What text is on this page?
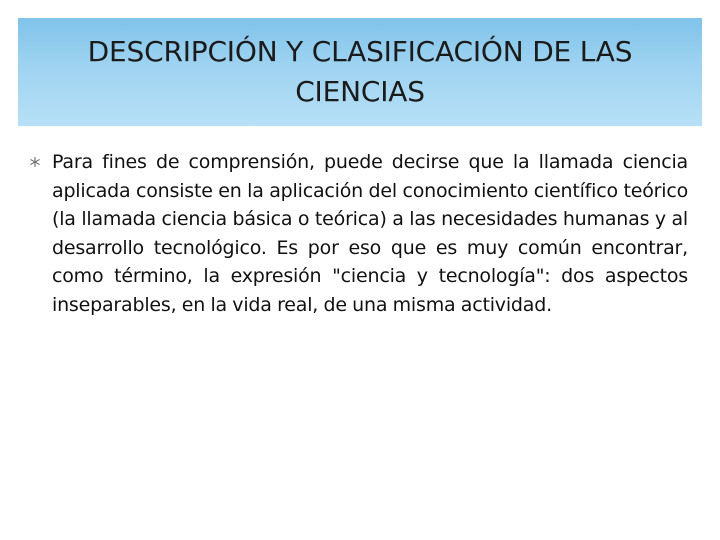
DESCRIPCIÓN Y CLASIFICACIÓN DE LAS CIENCIAS

Para fines de comprensión, puede decirse que la llamada ciencia aplicada consiste en la aplicación del conocimiento científico teórico (la llamada ciencia básica o teórica) a las necesidades humanas y al desarrollo tecnológico. Es por eso que es muy común encontrar, como término, la expresión "ciencia y tecnología": dos aspectos inseparables, en la vida real, de una misma actividad.
